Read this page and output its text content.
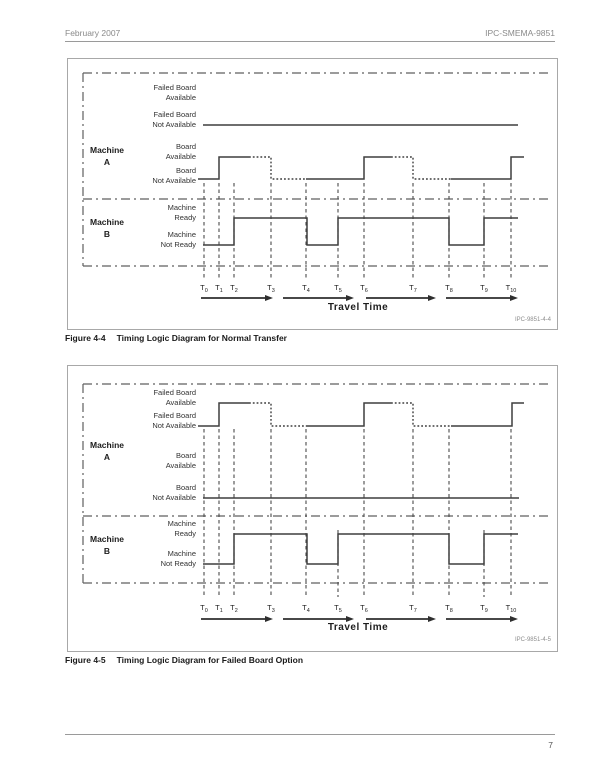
February 2007	IPC-SMEMA-9851
$T_0$ $T_1$ $T_2$	$T_3$	$T_4$	$T_5$ $T_6$	$T_7$	$T_8$	$T_9$ $T_{10}$
Machine
A
Machine
B
Failed Board
Available
Failed Board
Not Available
Board
Available
Board
Not Available
Machine
Ready
Machine
Not Ready
Travel Time
IPC-9851-4-4
Figure 4-4 Timing Logic Diagram for Normal Transfer
$T_0$ $T_1$ $T_2$	$T_3$	$T_4$	$T_5$ $T_6$	$T_7$	$T_8$	$T_9$ $T_{10}$
Machine
A
Machine
B
Failed Board
Available
Failed Board
Not Available
Board
Available
Board
Not Available
Machine
Ready
Machine
Not Ready
Travel Time
IPC-9851-4-5
Figure 4-5 Timing Logic Diagram for Failed Board Option
7
